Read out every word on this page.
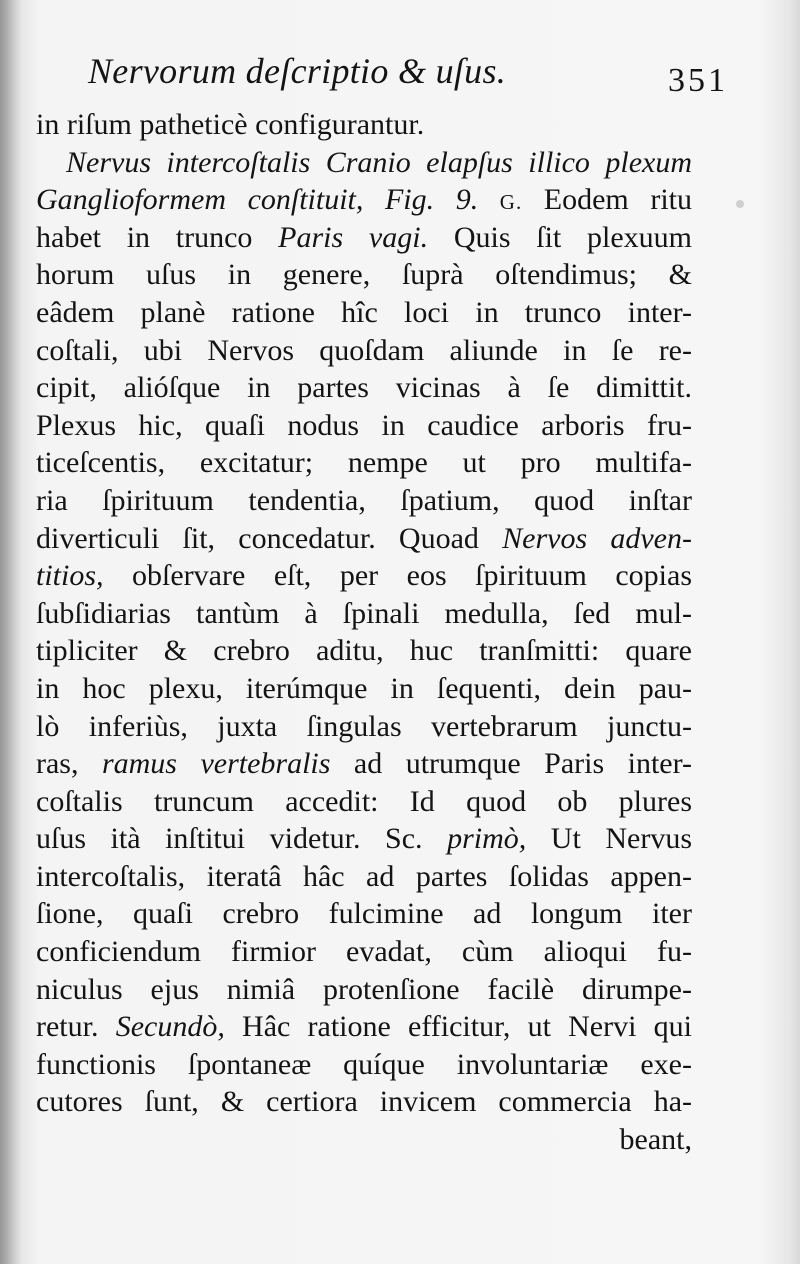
Nervorum deſcriptio & uſus.	351
in riſum patheticè configurantur.
Nervus intercoſtalis Cranio elapſus illico plexum
Ganglioformem conſtituit, Fig. 9. G. Eodem ritu
habet in trunco Paris vagi. Quis ſit plexuum
horum uſus in genere, ſuprà oſtendimus; &
eâdem planè ratione hîc loci in trunco inter-
coſtali, ubi Nervos quoſdam aliunde in ſe re-
cipit, alióſque in partes vicinas à ſe dimittit.
Plexus hic, quaſi nodus in caudice arboris fru-
ticeſcentis, excitatur; nempe ut pro multifa-
ria ſpirituum tendentia, ſpatium, quod inſtar
diverticuli ſit, concedatur. Quoad Nervos adven-
titios, obſervare eſt, per eos ſpirituum copias
ſubſidiarias tantùm à ſpinali medulla, ſed mul-
tipliciter & crebro aditu, huc tranſmitti: quare
in hoc plexu, iterúmque in ſequenti, dein pau-
lò inferiùs, juxta ſingulas vertebrarum junctu-
ras, ramus vertebralis ad utrumque Paris inter-
coſtalis truncum accedit: Id quod ob plures
uſus ità inſtitui videtur. Sc. primò, Ut Nervus
intercoſtalis, iteratâ hâc ad partes ſolidas appen-
ſione, quaſi crebro fulcimine ad longum iter
conficiendum firmior evadat, cùm alioqui fu-
niculus ejus nimiâ protenſione facilè dirumpe-
retur. Secundò, Hâc ratione efficitur, ut Nervi qui
functionis ſpontaneæ quíque involuntariæ exe-
cutores ſunt, & certiora invicem commercia ha-
beant,
